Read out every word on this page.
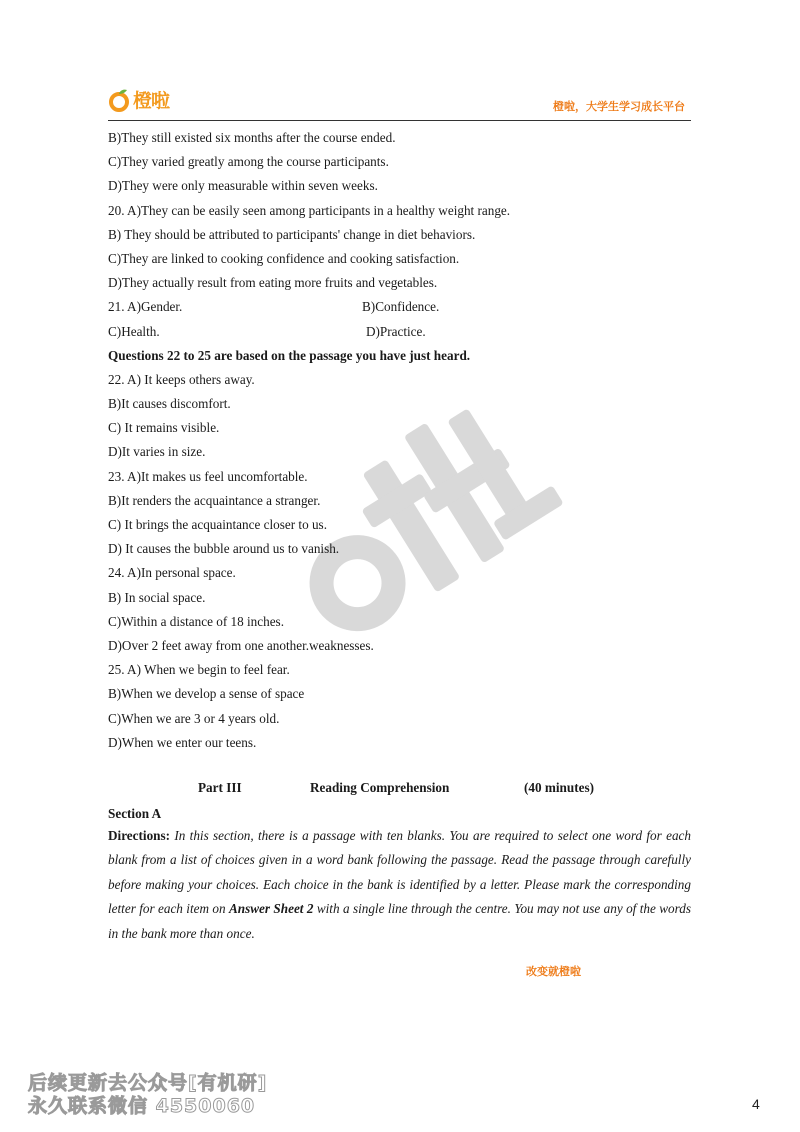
橙啦	橙啦，大学生学习成长平台
B)They still existed six months after the course ended.
C)They varied greatly among the course participants.
D)They were only measurable within seven weeks.
20. A)They can be easily seen among participants in a healthy weight range.
B) They should be attributed to participants' change in diet behaviors.
C)They are linked to cooking confidence and cooking satisfaction.
D)They actually result from eating more fruits and vegetables.
21. A)Gender.	B)Confidence.
C)Health.	D)Practice.
Questions 22 to 25 are based on the passage you have just heard.
22. A) It keeps others away.
B)It causes discomfort.
C) It remains visible.
D)It varies in size.
23. A)It makes us feel uncomfortable.
B)It renders the acquaintance a stranger.
C) It brings the acquaintance closer to us.
D) It causes the bubble around us to vanish.
24. A)In personal space.
B) In social space.
C)Within a distance of 18 inches.
D)Over 2 feet away from one another.weaknesses.
25. A) When we begin to feel fear.
B)When we develop a sense of space
C)When we are 3 or 4 years old.
D)When we enter our teens.
Part III	Reading Comprehension	(40 minutes)
Section A
Directions: In this section, there is a passage with ten blanks. You are required to select one word for each blank from a list of choices given in a word bank following the passage. Read the passage through carefully before making your choices. Each choice in the bank is identified by a letter. Please mark the corresponding letter for each item on Answer Sheet 2 with a single line through the centre. You may not use any of the words in the bank more than once.
改变就橙啦
后续更新去公众号[有机研]
永久联系微信 4550060	4
